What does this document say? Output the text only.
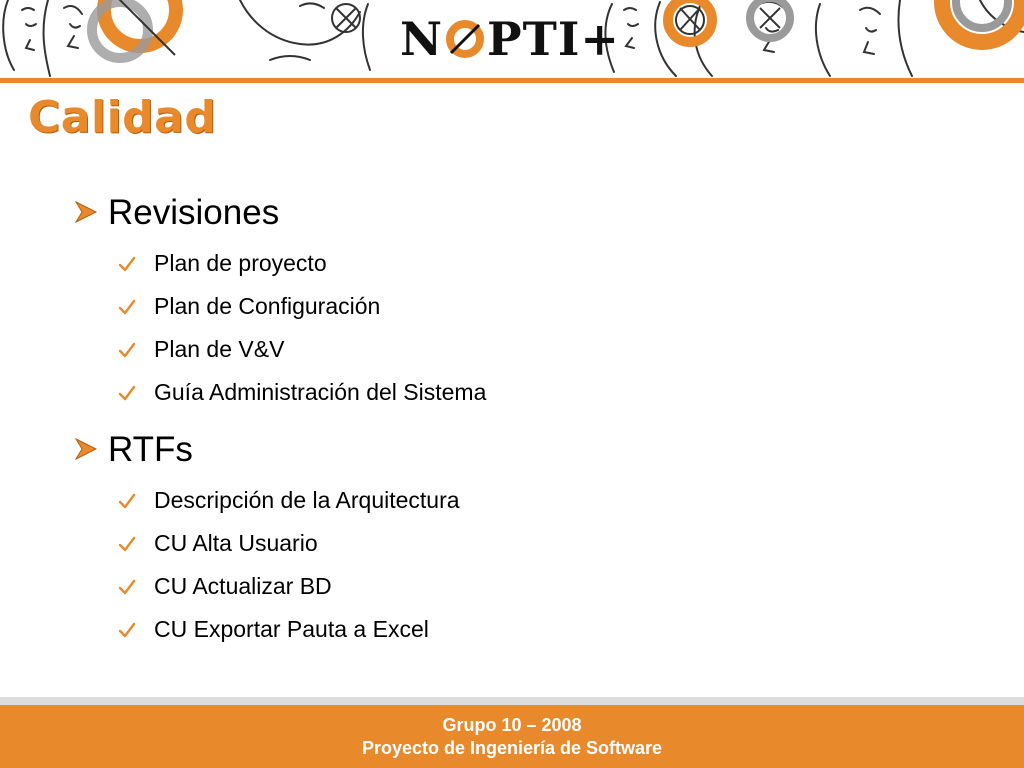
N PTI+
Calidad
Revisiones
Plan de proyecto
Plan de Configuración
Plan de V&V
Guía Administración del Sistema
RTFs
Descripción de la Arquitectura
CU Alta Usuario
CU Actualizar BD
CU Exportar Pauta a Excel
Grupo 10 – 2008
Proyecto de Ingeniería de Software
